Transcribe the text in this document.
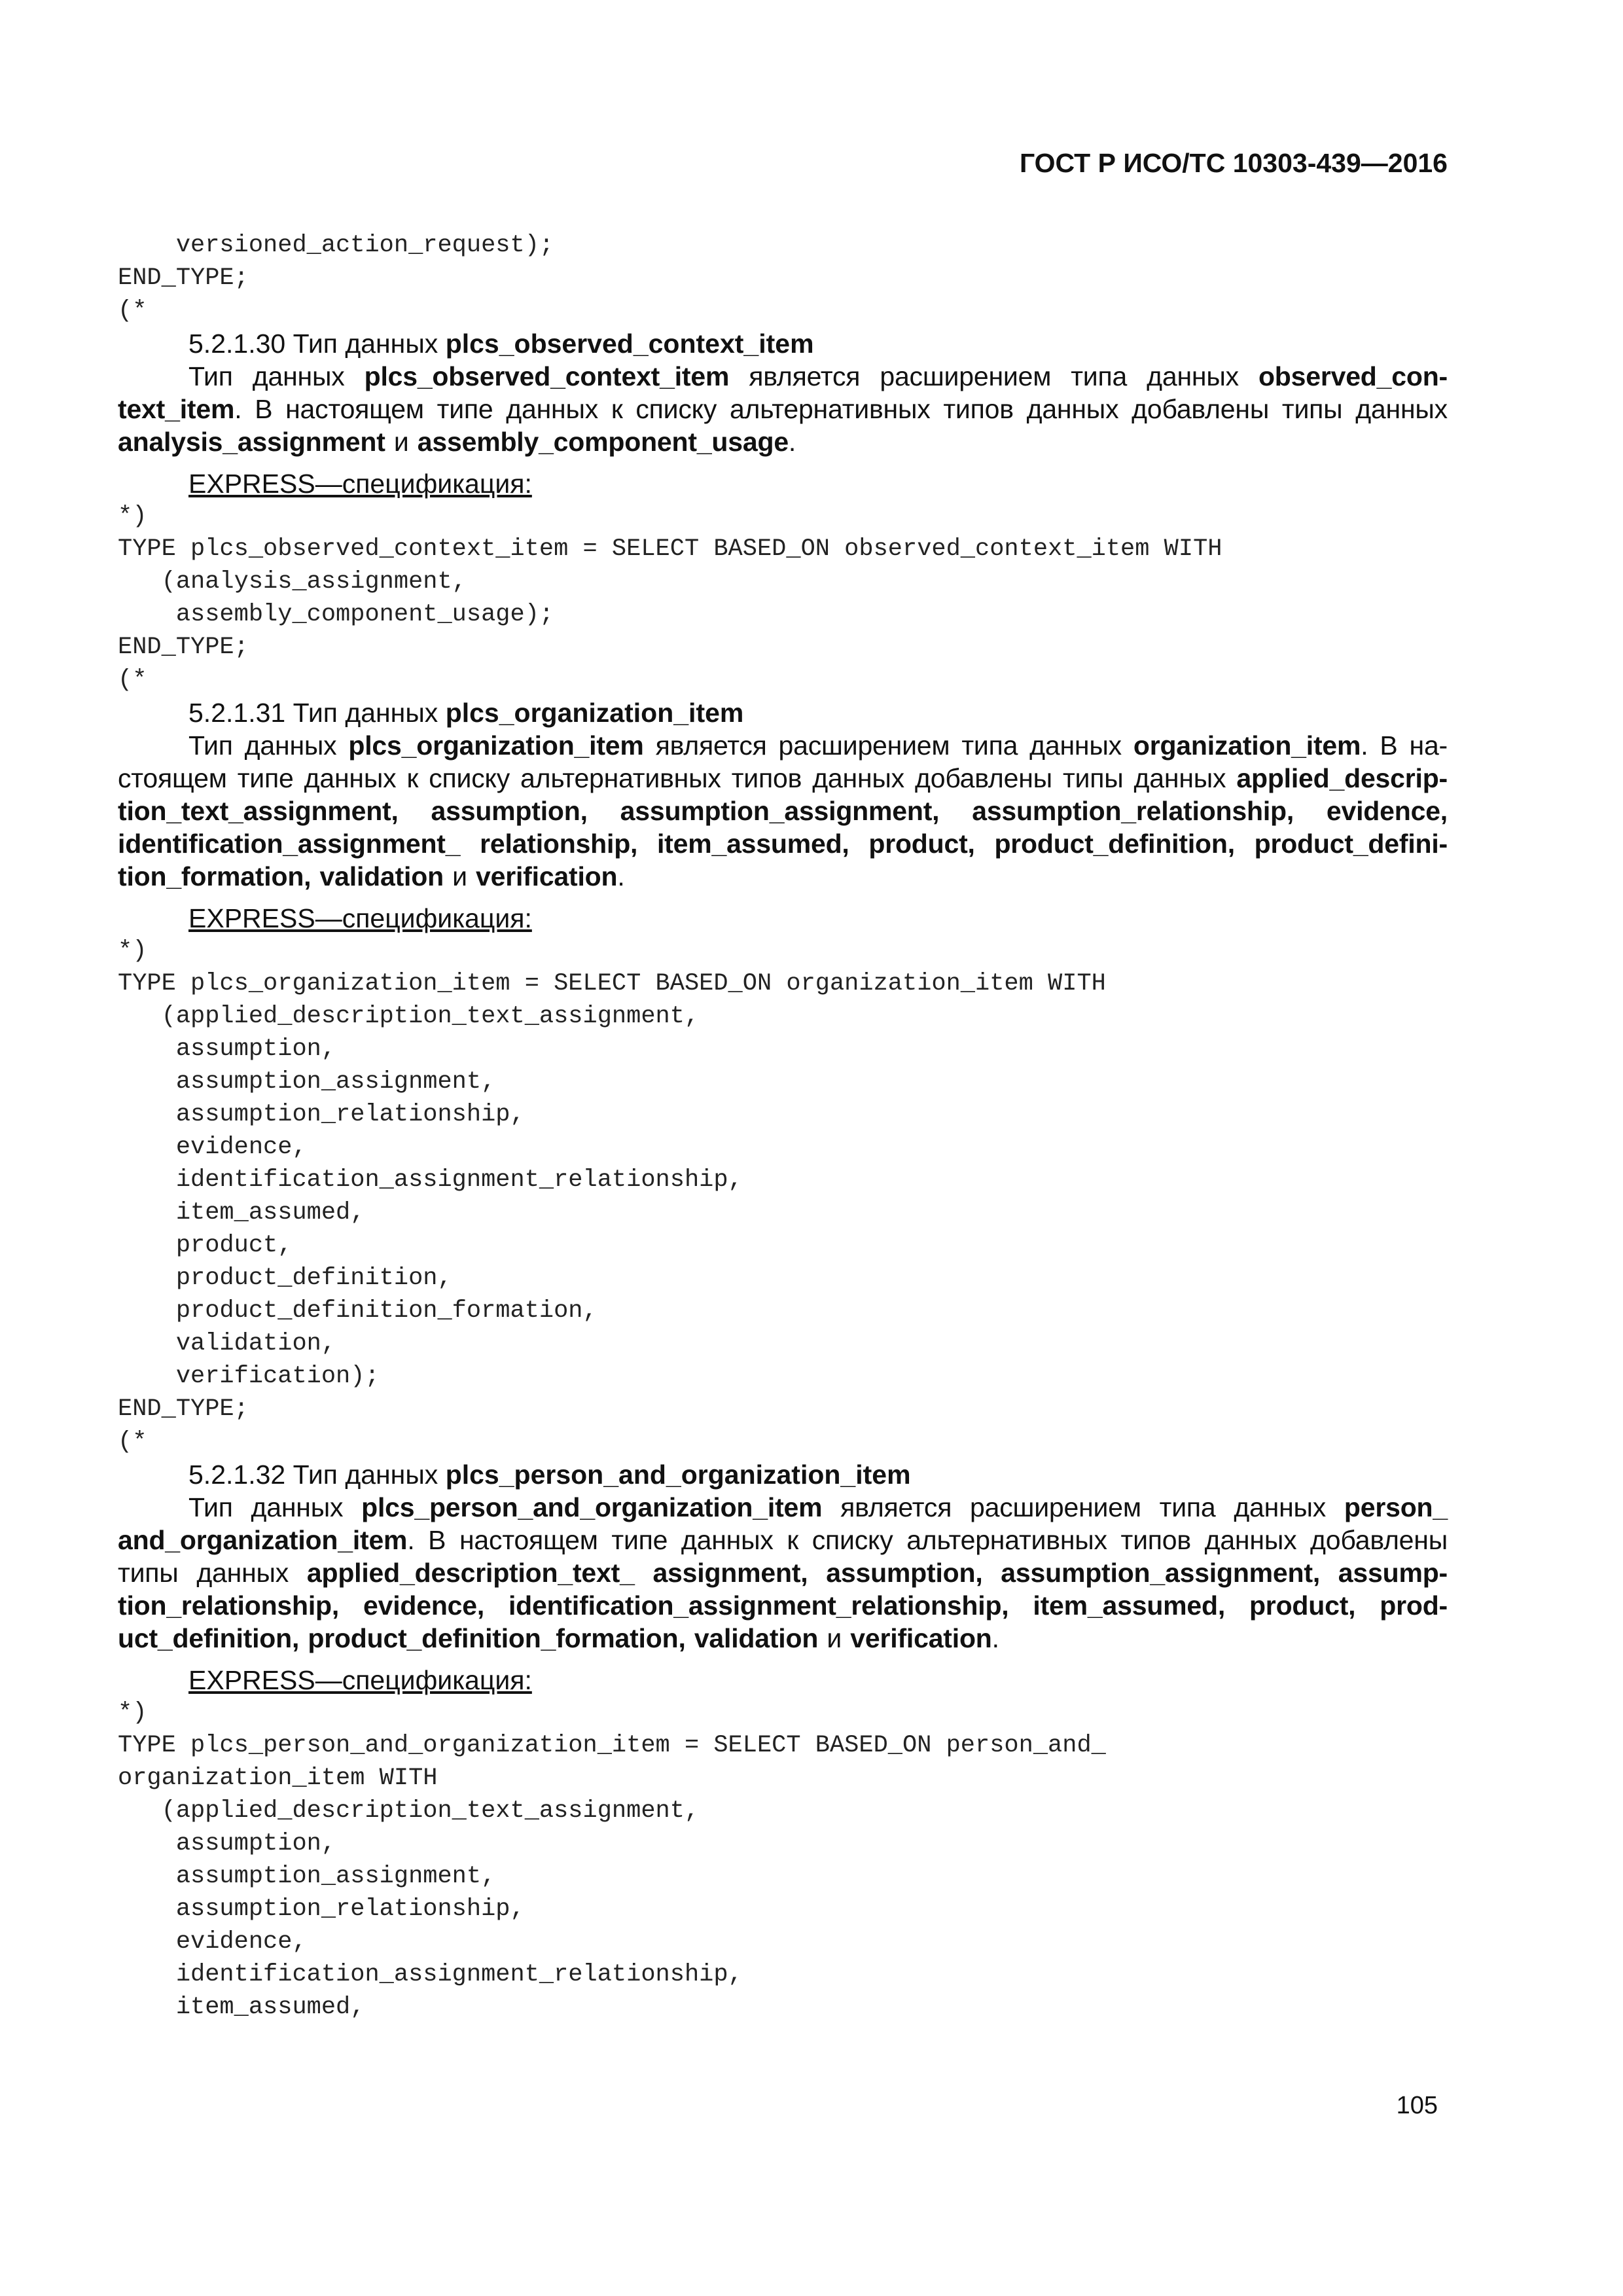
ГОСТ Р ИСО/ТС 10303-439—2016
versioned_action_request);
END_TYPE;
(*

5.2.1.30 Тип данных plcs_observed_context_item

Тип данных plcs_observed_context_item является расширением типа данных observed_con-text_item. В настоящем типе данных к списку альтернативных типов данных добавлены типы данных analysis_assignment и assembly_component_usage.

EXPRESS—спецификация:

*)
TYPE plcs_observed_context_item = SELECT BASED_ON observed_context_item WITH
(analysis_assignment,
assembly_component_usage);
END_TYPE;
(*

5.2.1.31 Тип данных plcs_organization_item

Тип данных plcs_organization_item является расширением типа данных organization_item. В на-стоящем типе данных к списку альтернативных типов данных добавлены типы данных applied_descrip-tion_text_assignment, assumption, assumption_assignment, assumption_relationship, evidence, identification_assignment_ relationship, item_assumed, product, product_definition, product_defini-tion_formation, validation и verification.

EXPRESS—спецификация:

*)
TYPE plcs_organization_item = SELECT BASED_ON organization_item WITH
(applied_description_text_assignment,
assumption,
assumption_assignment,
assumption_relationship,
evidence,
identification_assignment_relationship,
item_assumed,
product,
product_definition,
product_definition_formation,
validation,
verification);
END_TYPE;
(*

5.2.1.32 Тип данных plcs_person_and_organization_item

Тип данных plcs_person_and_organization_item является расширением типа данных person_ and_organization_item. В настоящем типе данных к списку альтернативных типов данных добавлены типы данных applied_description_text_ assignment, assumption, assumption_assignment, assump-tion_relationship, evidence, identification_assignment_relationship, item_assumed, product, prod-uct_definition, product_definition_formation, validation и verification.

EXPRESS—спецификация:

*)
TYPE plcs_person_and_organization_item = SELECT BASED_ON person_and_
organization_item WITH
(applied_description_text_assignment,
assumption,
assumption_assignment,
assumption_relationship,
evidence,
identification_assignment_relationship,
item_assumed,
105
